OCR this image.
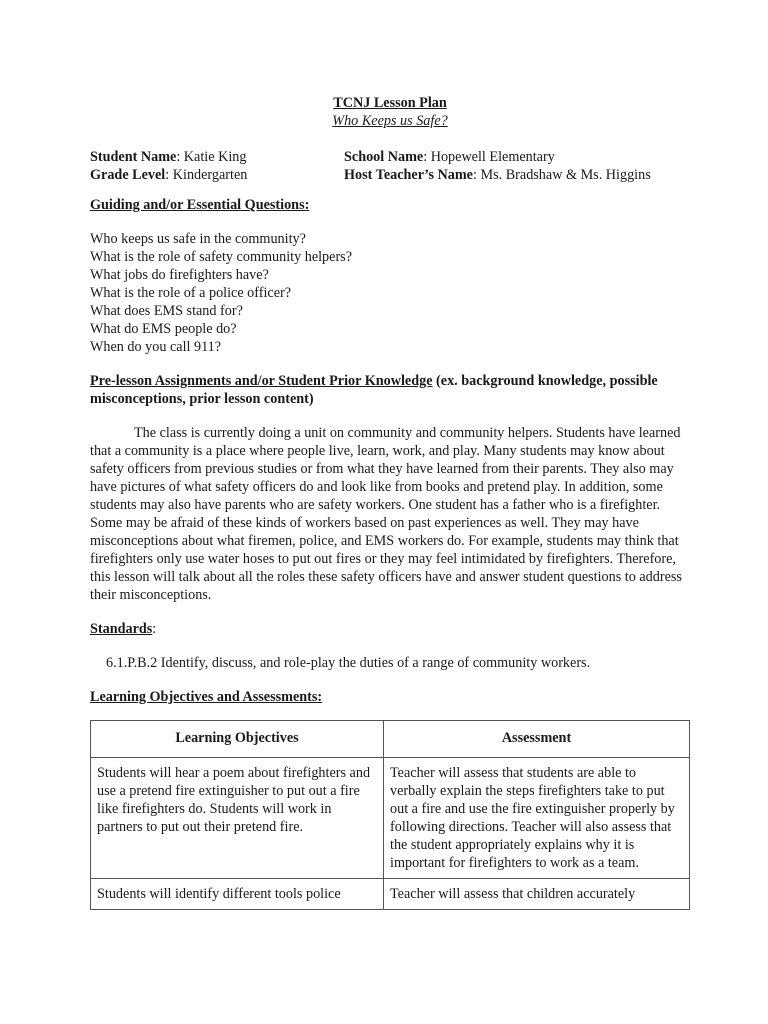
TCNJ Lesson Plan
Who Keeps us Safe?
Student Name: Katie King	School Name: Hopewell Elementary
Grade Level: Kindergarten	Host Teacher’s Name: Ms. Bradshaw & Ms. Higgins
Guiding and/or Essential Questions:
Who keeps us safe in the community?
What is the role of safety community helpers?
What jobs do firefighters have?
What is the role of a police officer?
What does EMS stand for?
What do EMS people do?
When do you call 911?
Pre-lesson Assignments and/or Student Prior Knowledge (ex. background knowledge, possible misconceptions, prior lesson content)
The class is currently doing a unit on community and community helpers. Students have learned that a community is a place where people live, learn, work, and play. Many students may know about safety officers from previous studies or from what they have learned from their parents. They also may have pictures of what safety officers do and look like from books and pretend play. In addition, some students may also have parents who are safety workers. One student has a father who is a firefighter. Some may be afraid of these kinds of workers based on past experiences as well. They may have misconceptions about what firemen, police, and EMS workers do. For example, students may think that firefighters only use water hoses to put out fires or they may feel intimidated by firefighters. Therefore, this lesson will talk about all the roles these safety officers have and answer student questions to address their misconceptions.
Standards:
6.1.P.B.2 Identify, discuss, and role-play the duties of a range of community workers.
Learning Objectives and Assessments:
Learning Objectives	Assessment
Students will hear a poem about firefighters and use a pretend fire extinguisher to put out a fire like firefighters do. Students will work in partners to put out their pretend fire.	Teacher will assess that students are able to verbally explain the steps firefighters take to put out a fire and use the fire extinguisher properly by following directions. Teacher will also assess that the student appropriately explains why it is important for firefighters to work as a team.
Students will identify different tools police	Teacher will assess that children accurately
